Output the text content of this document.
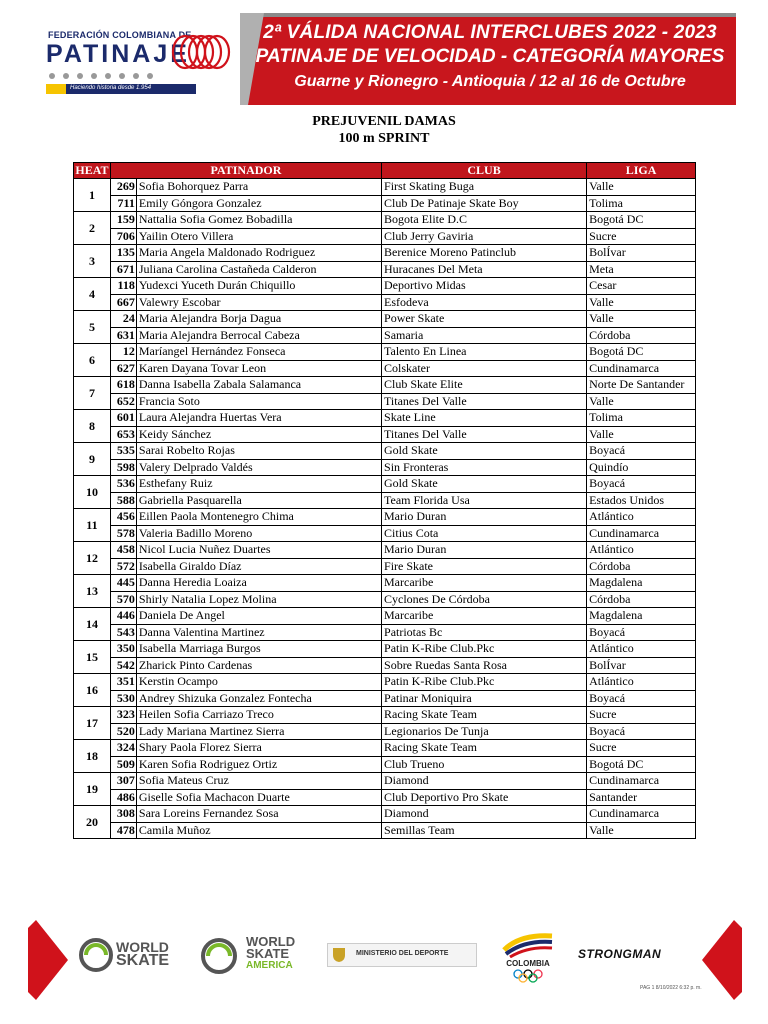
FEDERACIÓN COLOMBIANA DE
PATINAJE
Haciendo historia desde 1.954
2ª VÁLIDA NACIONAL INTERCLUBES 2022 - 2023
PATINAJE DE VELOCIDAD - CATEGORÍA MAYORES
Guarne y Rionegro - Antioquia / 12 al 16 de Octubre
PREJUVENIL DAMAS
100 m SPRINT
HEAT	PATINADOR		CLUB	LIGA
1	269	Sofia Bohorquez Parra	First Skating Buga	Valle
	711	Emily Góngora Gonzalez	Club De Patinaje Skate Boy	Tolima
2	159	Nattalia Sofia Gomez Bobadilla	Bogota Elite D.C	Bogotá DC
	706	Yailin Otero Villera	Club Jerry Gaviria	Sucre
3	135	Maria Angela Maldonado Rodriguez	Berenice Moreno Patinclub	BolÍvar
	671	Juliana Carolina Castañeda Calderon	Huracanes Del Meta	Meta
4	118	Yudexci Yuceth Durán Chiquillo	Deportivo Midas	Cesar
	667	Valewry Escobar	Esfodeva	Valle
5	24	Maria Alejandra Borja Dagua	Power Skate	Valle
	631	Maria Alejandra Berrocal Cabeza	Samaria	Córdoba
6	12	Maríangel Hernández Fonseca	Talento En Linea	Bogotá DC
	627	Karen Dayana Tovar Leon	Colskater	Cundinamarca
7	618	Danna Isabella Zabala Salamanca	Club Skate Elite	Norte De Santander
	652	Francia Soto	Titanes Del Valle	Valle
8	601	Laura Alejandra Huertas Vera	Skate Line	Tolima
	653	Keidy Sánchez	Titanes Del Valle	Valle
9	535	Sarai Robelto Rojas	Gold Skate	Boyacá
	598	Valery Delprado Valdés	Sin Fronteras	Quindío
10	536	Esthefany Ruiz	Gold Skate	Boyacá
	588	Gabriella Pasquarella	Team Florida Usa	Estados Unidos
11	456	Eillen Paola Montenegro Chima	Mario Duran	Atlántico
	578	Valeria Badillo Moreno	Citius Cota	Cundinamarca
12	458	Nicol Lucia Nuñez Duartes	Mario Duran	Atlántico
	572	Isabella Giraldo Díaz	Fire Skate	Córdoba
13	445	Danna Heredia Loaiza	Marcaribe	Magdalena
	570	Shirly Natalia Lopez Molina	Cyclones De Córdoba	Córdoba
14	446	Daniela De Angel	Marcaribe	Magdalena
	543	Danna Valentina Martinez	Patriotas Bc	Boyacá
15	350	Isabella Marriaga Burgos	Patin K-Ribe Club.Pkc	Atlántico
	542	Zharick Pinto Cardenas	Sobre Ruedas Santa Rosa	BolÍvar
16	351	Kerstin Ocampo	Patin K-Ribe Club.Pkc	Atlántico
	530	Andrey Shizuka Gonzalez Fontecha	Patinar Moniquira	Boyacá
17	323	Heilen Sofia Carriazo Treco	Racing Skate Team	Sucre
	520	Lady Mariana Martinez Sierra	Legionarios De Tunja	Boyacá
18	324	Shary Paola Florez Sierra	Racing Skate Team	Sucre
	509	Karen Sofia Rodriguez Ortiz	Club Trueno	Bogotá DC
19	307	Sofia Mateus Cruz	Diamond	Cundinamarca
	486	Giselle Sofia Machacon Duarte	Club Deportivo Pro Skate	Santander
20	308	Sara Loreins Fernandez Sosa	Diamond	Cundinamarca
	478	Camila Muñoz	Semillas Team	Valle
WORLD
SKATE
WORLD
SKATE
AMERICA
MINISTERIO DEL DEPORTE
COLOMBIA
STRONGMAN
PAG 1 8/10/2022 6:32 p. m.
